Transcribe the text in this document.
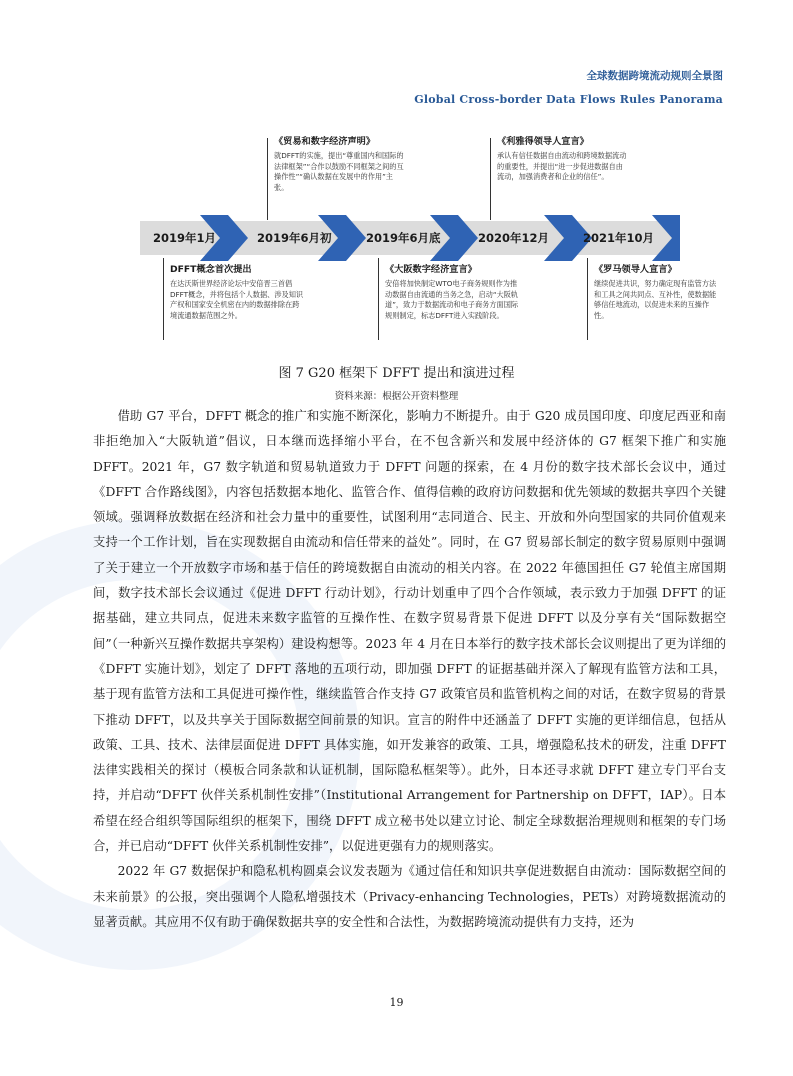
全球数据跨境流动规则全景图
Global Cross-border Data Flows Rules Panorama
《贸易和数字经济声明》
就DFFT的实施，提出“尊重国内和国际的法律框架”“合作以鼓励不同框架之间的互操作性”“确认数据在发展中的作用”主张。
《利雅得领导人宣言》
承认有信任数据自由流动和跨境数据流动的重要性，并提出“进一步促进数据自由流动，加强消费者和企业的信任”。
2019年1月	2019年6月初	2019年6月底	2020年12月	2021年10月
DFFT概念首次提出
在达沃斯世界经济论坛中安倍晋三首倡DFFT概念，并将包括个人数据、涉及知识产权和国家安全机密在内的数据排除在跨境流通数据范围之外。
《大阪数字经济宣言》
安倍将加快制定WTO电子商务规则作为推动数据自由流通的当务之急，启动“大阪轨道”，致力于数据流动和电子商务方面国际规则制定，标志DFFT进入实践阶段。
《罗马领导人宣言》
继续促进共识，努力确定现有监管方法和工具之间共同点、互补性，使数据能够信任地流动，以促进未来的互操作性。
图 7 G20 框架下 DFFT 提出和演进过程
资料来源：根据公开资料整理

借助 G7 平台，DFFT 概念的推广和实施不断深化，影响力不断提升。由于 G20 成员国印度、印度尼西亚和南非拒绝加入“大阪轨道”倡议，日本继而选择缩小平台，在不包含新兴和发展中经济体的 G7 框架下推广和实施 DFFT。2021 年，G7 数字轨道和贸易轨道致力于 DFFT 问题的探索，在 4 月份的数字技术部长会议中，通过《DFFT 合作路线图》，内容包括数据本地化、监管合作、值得信赖的政府访问数据和优先领域的数据共享四个关键领域。强调释放数据在经济和社会力量中的重要性，试图利用“志同道合、民主、开放和外向型国家的共同价值观来支持一个工作计划，旨在实现数据自由流动和信任带来的益处”。同时，在 G7 贸易部长制定的数字贸易原则中强调了关于建立一个开放数字市场和基于信任的跨境数据自由流动的相关内容。在 2022 年德国担任 G7 轮值主席国期间，数字技术部长会议通过《促进 DFFT 行动计划》，行动计划重申了四个合作领域，表示致力于加强 DFFT 的证据基础，建立共同点，促进未来数字监管的互操作性、在数字贸易背景下促进 DFFT 以及分享有关“国际数据空间”（一种新兴互操作数据共享架构）建设构想等。2023 年 4 月在日本举行的数字技术部长会议则提出了更为详细的《DFFT 实施计划》，划定了 DFFT 落地的五项行动，即加强 DFFT 的证据基础并深入了解现有监管方法和工具，基于现有监管方法和工具促进可操作性，继续监管合作支持 G7 政策官员和监管机构之间的对话，在数字贸易的背景下推动 DFFT，以及共享关于国际数据空间前景的知识。宣言的附件中还涵盖了 DFFT 实施的更详细信息，包括从政策、工具、技术、法律层面促进 DFFT 具体实施，如开发兼容的政策、工具，增强隐私技术的研发，注重 DFFT 法律实践相关的探讨（模板合同条款和认证机制，国际隐私框架等）。此外，日本还寻求就 DFFT 建立专门平台支持，并启动“DFFT 伙伴关系机制性安排”（Institutional Arrangement for Partnership on DFFT，IAP）。日本希望在经合组织等国际组织的框架下，围绕 DFFT 成立秘书处以建立讨论、制定全球数据治理规则和框架的专门场合，并已启动“DFFT 伙伴关系机制性安排”，以促进更强有力的规则落实。

2022 年 G7 数据保护和隐私机构圆桌会议发表题为《通过信任和知识共享促进数据自由流动：国际数据空间的未来前景》的公报，突出强调个人隐私增强技术（Privacy-enhancing Technologies，PETs）对跨境数据流动的显著贡献。其应用不仅有助于确保数据共享的安全性和合法性，为数据跨境流动提供有力支持，还为

19
